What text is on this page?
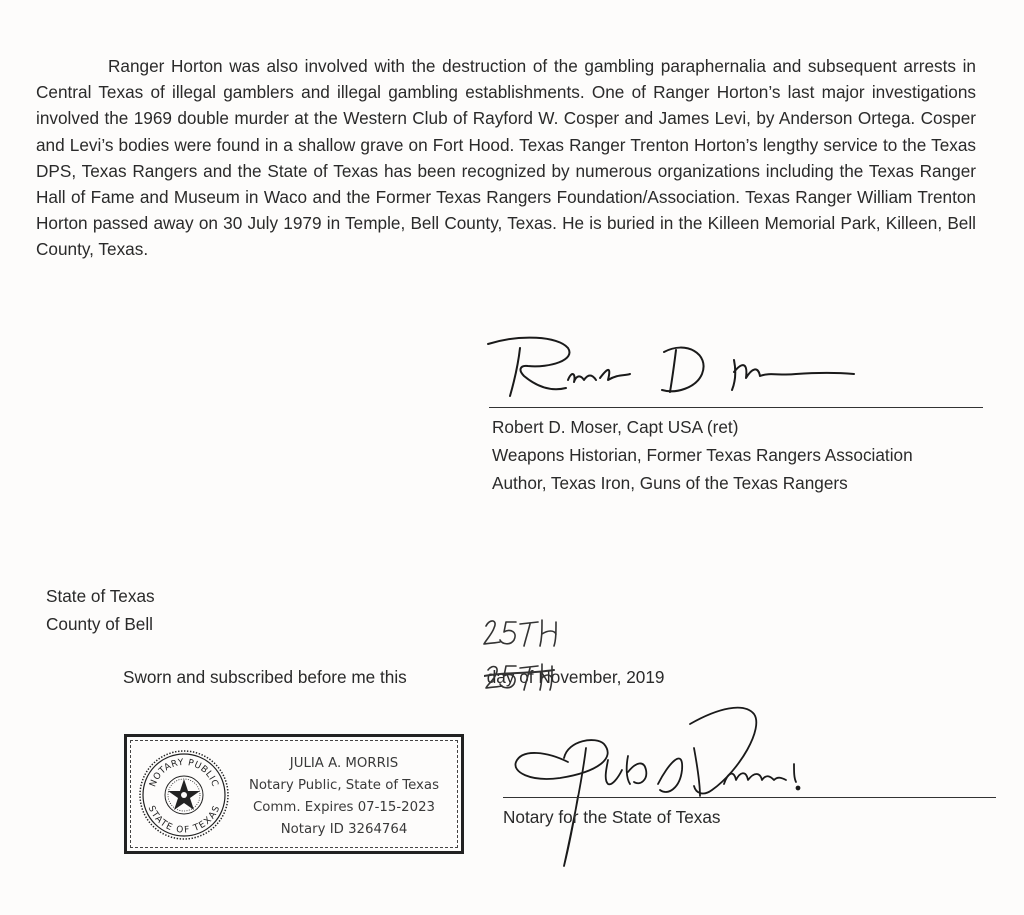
Ranger Horton was also involved with the destruction of the gambling paraphernalia and subsequent arrests in Central Texas of illegal gamblers and illegal gambling establishments. One of Ranger Horton’s last major investigations involved the 1969 double murder at the Western Club of Rayford W. Cosper and James Levi, by Anderson Ortega. Cosper and Levi’s bodies were found in a shallow grave on Fort Hood. Texas Ranger Trenton Horton’s lengthy service to the Texas DPS, Texas Rangers and the State of Texas has been recognized by numerous organizations including the Texas Ranger Hall of Fame and Museum in Waco and the Former Texas Rangers Foundation/Association. Texas Ranger William Trenton Horton passed away on 30 July 1979 in Temple, Bell County, Texas. He is buried in the Killeen Memorial Park, Killeen, Bell County, Texas.

Robert D. Moser, Capt USA (ret)
Weapons Historian, Former Texas Rangers Association
Author, Texas Iron, Guns of the Texas Rangers
State of Texas
County of Bell
Sworn and subscribed before me this	day of November, 2019
NOTARY PUBLIC
STATE OF TEXAS
JULIA A. MORRIS
Notary Public, State of Texas
Comm. Expires 07-15-2023
Notary ID 3264764
Notary for the State of Texas
